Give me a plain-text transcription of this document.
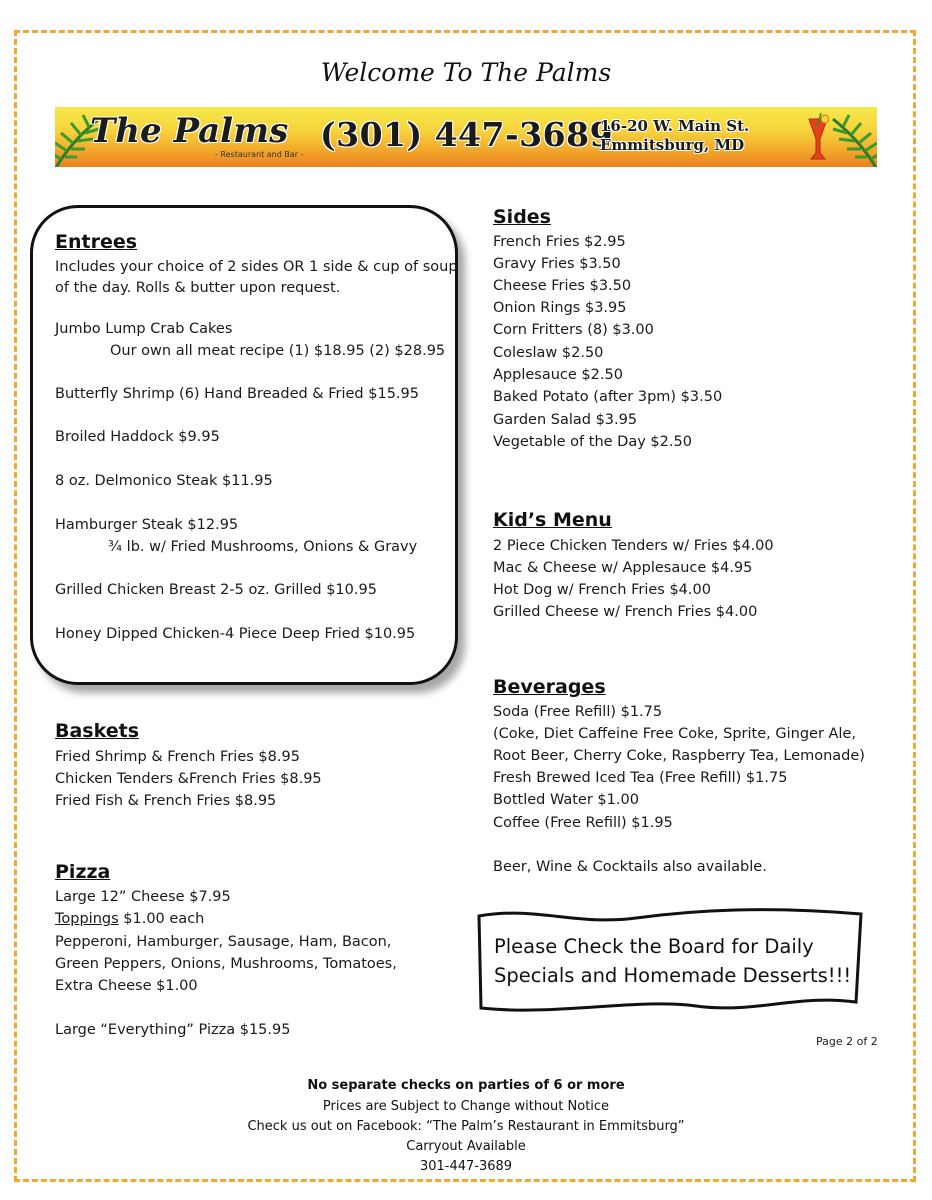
Welcome To The Palms
The Palms
- Restaurant and Bar -
(301) 447-3689
16-20 W. Main St.
Emmitsburg, MD
Entrees
Includes your choice of 2 sides OR 1 side & cup of soup
of the day. Rolls & butter upon request.
Jumbo Lump Crab Cakes
Our own all meat recipe (1) $18.95 (2) $28.95
Butterfly Shrimp (6) Hand Breaded & Fried $15.95
Broiled Haddock $9.95
8 oz. Delmonico Steak $11.95
Hamburger Steak $12.95
¾ lb. w/ Fried Mushrooms, Onions & Gravy
Grilled Chicken Breast 2-5 oz. Grilled $10.95
Honey Dipped Chicken-4 Piece Deep Fried $10.95
Baskets
Fried Shrimp & French Fries $8.95
Chicken Tenders &French Fries $8.95
Fried Fish & French Fries $8.95
Pizza
Large 12” Cheese $7.95
Toppings $1.00 each
Pepperoni, Hamburger, Sausage, Ham, Bacon,
Green Peppers, Onions, Mushrooms, Tomatoes,
Extra Cheese $1.00
Large “Everything” Pizza $15.95
Sides
French Fries $2.95
Gravy Fries $3.50
Cheese Fries $3.50
Onion Rings $3.95
Corn Fritters (8) $3.00
Coleslaw $2.50
Applesauce $2.50
Baked Potato (after 3pm) $3.50
Garden Salad $3.95
Vegetable of the Day $2.50
Kid’s Menu
2 Piece Chicken Tenders w/ Fries $4.00
Mac & Cheese w/ Applesauce $4.95
Hot Dog w/ French Fries $4.00
Grilled Cheese w/ French Fries $4.00
Beverages
Soda (Free Refill) $1.75
(Coke, Diet Caffeine Free Coke, Sprite, Ginger Ale,
Root Beer, Cherry Coke, Raspberry Tea, Lemonade)
Fresh Brewed Iced Tea (Free Refill) $1.75
Bottled Water $1.00
Coffee (Free Refill) $1.95
Beer, Wine & Cocktails also available.
Please Check the Board for Daily
Specials and Homemade Desserts!!!
Page 2 of 2
No separate checks on parties of 6 or more
Prices are Subject to Change without Notice
Check us out on Facebook: “The Palm’s Restaurant in Emmitsburg”
Carryout Available
301-447-3689
